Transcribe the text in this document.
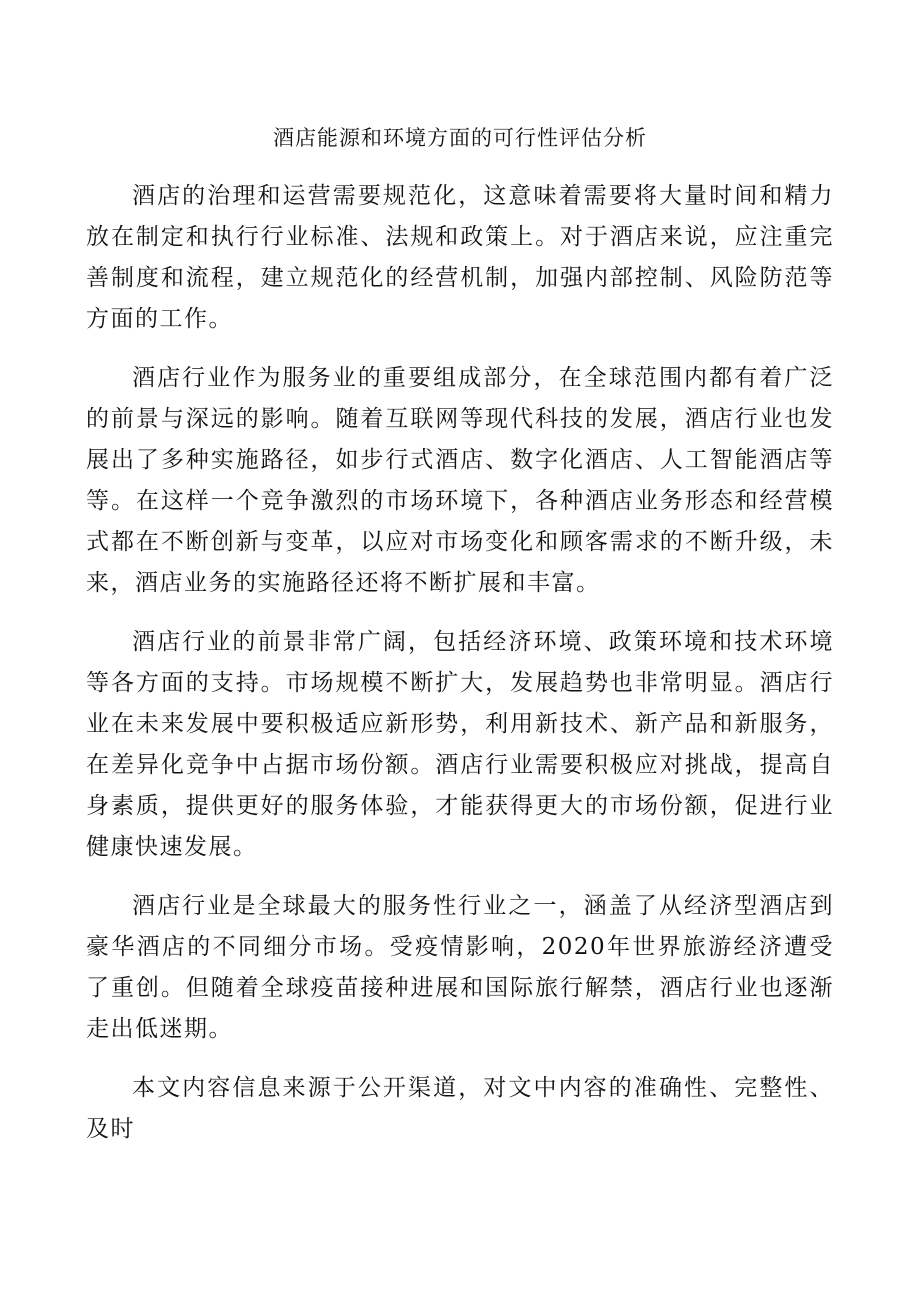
酒店能源和环境方面的可行性评估分析

酒店的治理和运营需要规范化，这意味着需要将大量时间和精力放在制定和执行行业标准、法规和政策上。对于酒店来说，应注重完善制度和流程，建立规范化的经营机制，加强内部控制、风险防范等方面的工作。

酒店行业作为服务业的重要组成部分，在全球范围内都有着广泛的前景与深远的影响。随着互联网等现代科技的发展，酒店行业也发展出了多种实施路径，如步行式酒店、数字化酒店、人工智能酒店等等。在这样一个竞争激烈的市场环境下，各种酒店业务形态和经营模式都在不断创新与变革，以应对市场变化和顾客需求的不断升级，未来，酒店业务的实施路径还将不断扩展和丰富。

酒店行业的前景非常广阔，包括经济环境、政策环境和技术环境等各方面的支持。市场规模不断扩大，发展趋势也非常明显。酒店行业在未来发展中要积极适应新形势，利用新技术、新产品和新服务，在差异化竞争中占据市场份额。酒店行业需要积极应对挑战，提高自身素质，提供更好的服务体验，才能获得更大的市场份额，促进行业健康快速发展。

酒店行业是全球最大的服务性行业之一，涵盖了从经济型酒店到豪华酒店的不同细分市场。受疫情影响，2020年世界旅游经济遭受了重创。但随着全球疫苗接种进展和国际旅行解禁，酒店行业也逐渐走出低迷期。

本文内容信息来源于公开渠道，对文中内容的准确性、完整性、及时
